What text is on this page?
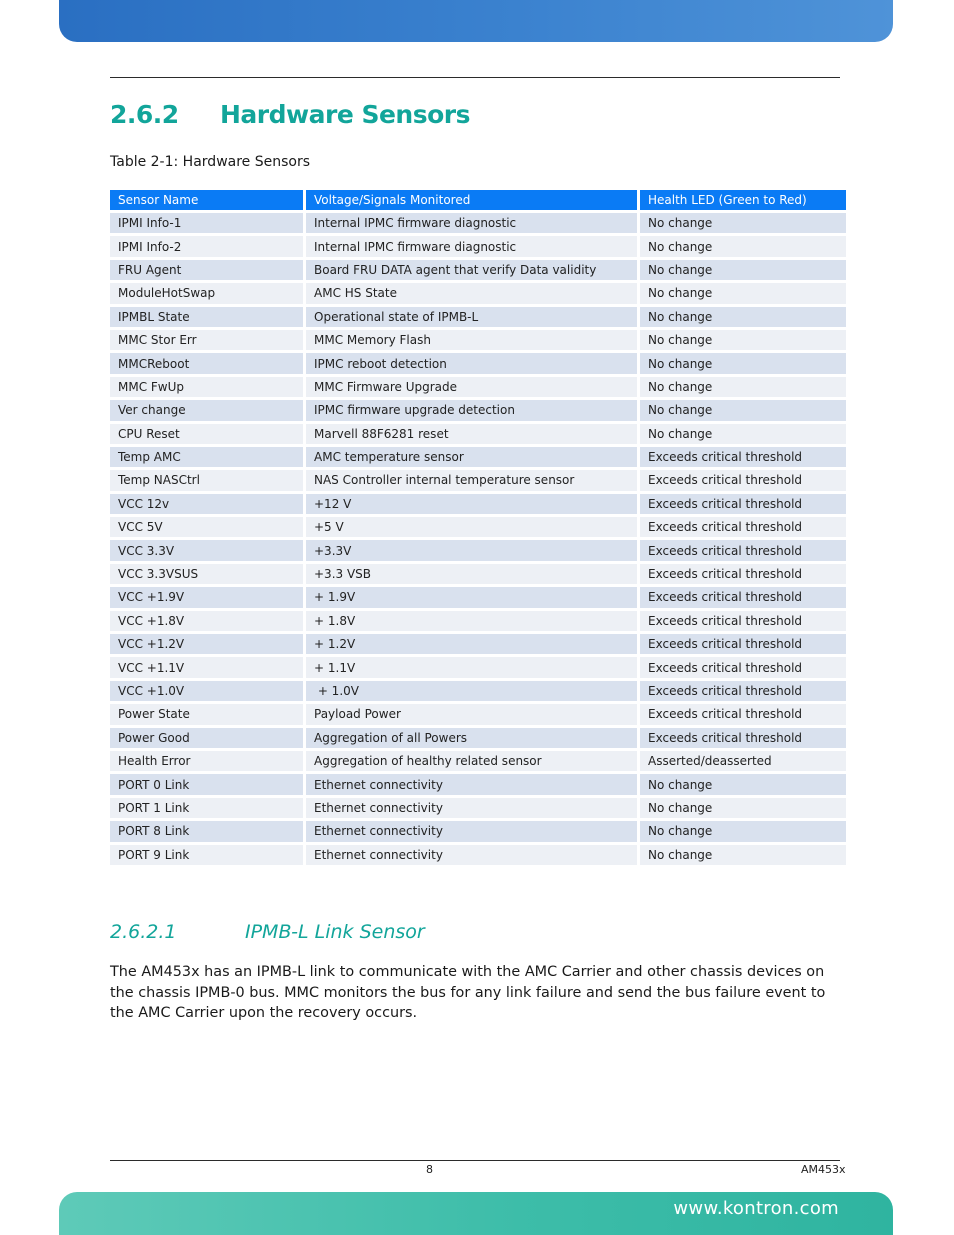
2.6.2 Hardware Sensors
Table 2-1: Hardware Sensors
Sensor Name	Voltage/Signals Monitored	Health LED (Green to Red)
IPMI Info-1	Internal IPMC firmware diagnostic	No change
IPMI Info-2	Internal IPMC firmware diagnostic	No change
FRU Agent	Board FRU DATA agent that verify Data validity	No change
ModuleHotSwap	AMC HS State	No change
IPMBL State	Operational state of IPMB-L	No change
MMC Stor Err	MMC Memory Flash	No change
MMCReboot	IPMC reboot detection	No change
MMC FwUp	MMC Firmware Upgrade	No change
Ver change	IPMC firmware upgrade detection	No change
CPU Reset	Marvell 88F6281 reset	No change
Temp AMC	AMC temperature sensor	Exceeds critical threshold
Temp NASCtrl	NAS Controller internal temperature sensor	Exceeds critical threshold
VCC 12v	+12 V	Exceeds critical threshold
VCC 5V	+5 V	Exceeds critical threshold
VCC 3.3V	+3.3V	Exceeds critical threshold
VCC 3.3VSUS	+3.3 VSB	Exceeds critical threshold
VCC +1.9V	+ 1.9V	Exceeds critical threshold
VCC +1.8V	+ 1.8V	Exceeds critical threshold
VCC +1.2V	+ 1.2V	Exceeds critical threshold
VCC +1.1V	+ 1.1V	Exceeds critical threshold
VCC +1.0V	+ 1.0V	Exceeds critical threshold
Power State	Payload Power	Exceeds critical threshold
Power Good	Aggregation of all Powers	Exceeds critical threshold
Health Error	Aggregation of healthy related sensor	Asserted/deasserted
PORT 0 Link	Ethernet connectivity	No change
PORT 1 Link	Ethernet connectivity	No change
PORT 8 Link	Ethernet connectivity	No change
PORT 9 Link	Ethernet connectivity	No change
2.6.2.1	IPMB-L Link Sensor

The AM453x has an IPMB-L link to communicate with the AMC Carrier and other chassis devices on the chassis IPMB-0 bus. MMC monitors the bus for any link failure and send the bus failure event to the AMC Carrier upon the recovery occurs.

8	AM453x
www.kontron.com
